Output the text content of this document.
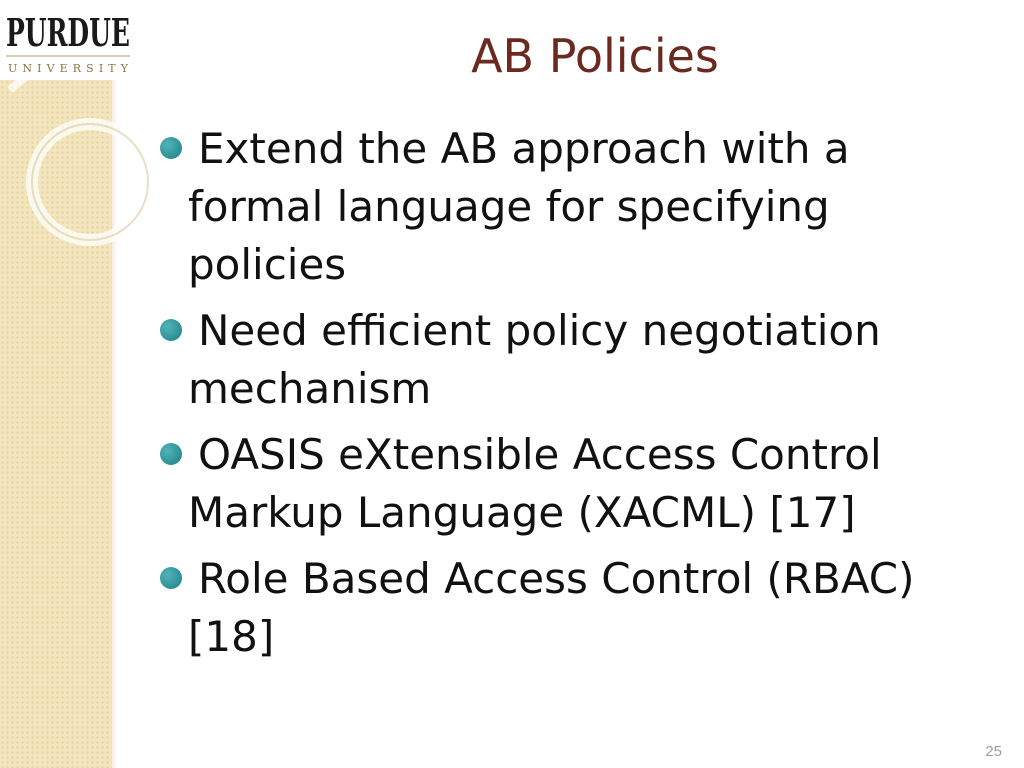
PURDUE
UNIVERSITY	AB Policies
Extend the AB approach with a formal language for specifying policies
Need efficient policy negotiation mechanism
OASIS eXtensible Access Control Markup Language (XACML) [17]
Role Based Access Control (RBAC) [18]
25
